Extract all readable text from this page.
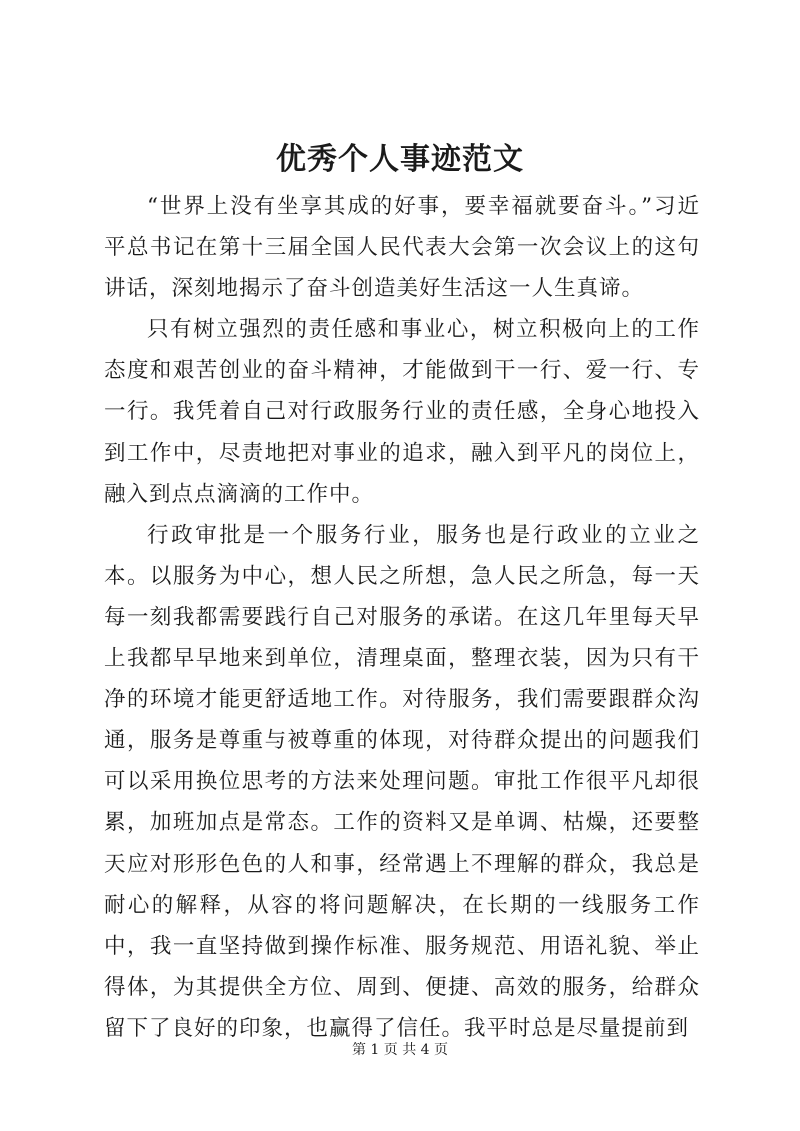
优秀个人事迹范文

“世界上没有坐享其成的好事，要幸福就要奋斗。”习近平总书记在第十三届全国人民代表大会第一次会议上的这句讲话，深刻地揭示了奋斗创造美好生活这一人生真谛。

只有树立强烈的责任感和事业心，树立积极向上的工作态度和艰苦创业的奋斗精神，才能做到干一行、爱一行、专一行。我凭着自己对行政服务行业的责任感，全身心地投入到工作中，尽责地把对事业的追求，融入到平凡的岗位上，融入到点点滴滴的工作中。

行政审批是一个服务行业，服务也是行政业的立业之本。以服务为中心，想人民之所想，急人民之所急，每一天每一刻我都需要践行自己对服务的承诺。在这几年里每天早上我都早早地来到单位，清理桌面，整理衣装，因为只有干净的环境才能更舒适地工作。对待服务，我们需要跟群众沟通，服务是尊重与被尊重的体现，对待群众提出的问题我们可以采用换位思考的方法来处理问题。审批工作很平凡却很累，加班加点是常态。工作的资料又是单调、枯燥，还要整天应对形形色色的人和事，经常遇上不理解的群众，我总是耐心的解释，从容的将问题解决，在长期的一线服务工作中，我一直坚持做到操作标准、服务规范、用语礼貌、举止得体，为其提供全方位、周到、便捷、高效的服务，给群众留下了良好的印象，也赢得了信任。我平时总是尽量提前到

第 1 页 共 4 页
